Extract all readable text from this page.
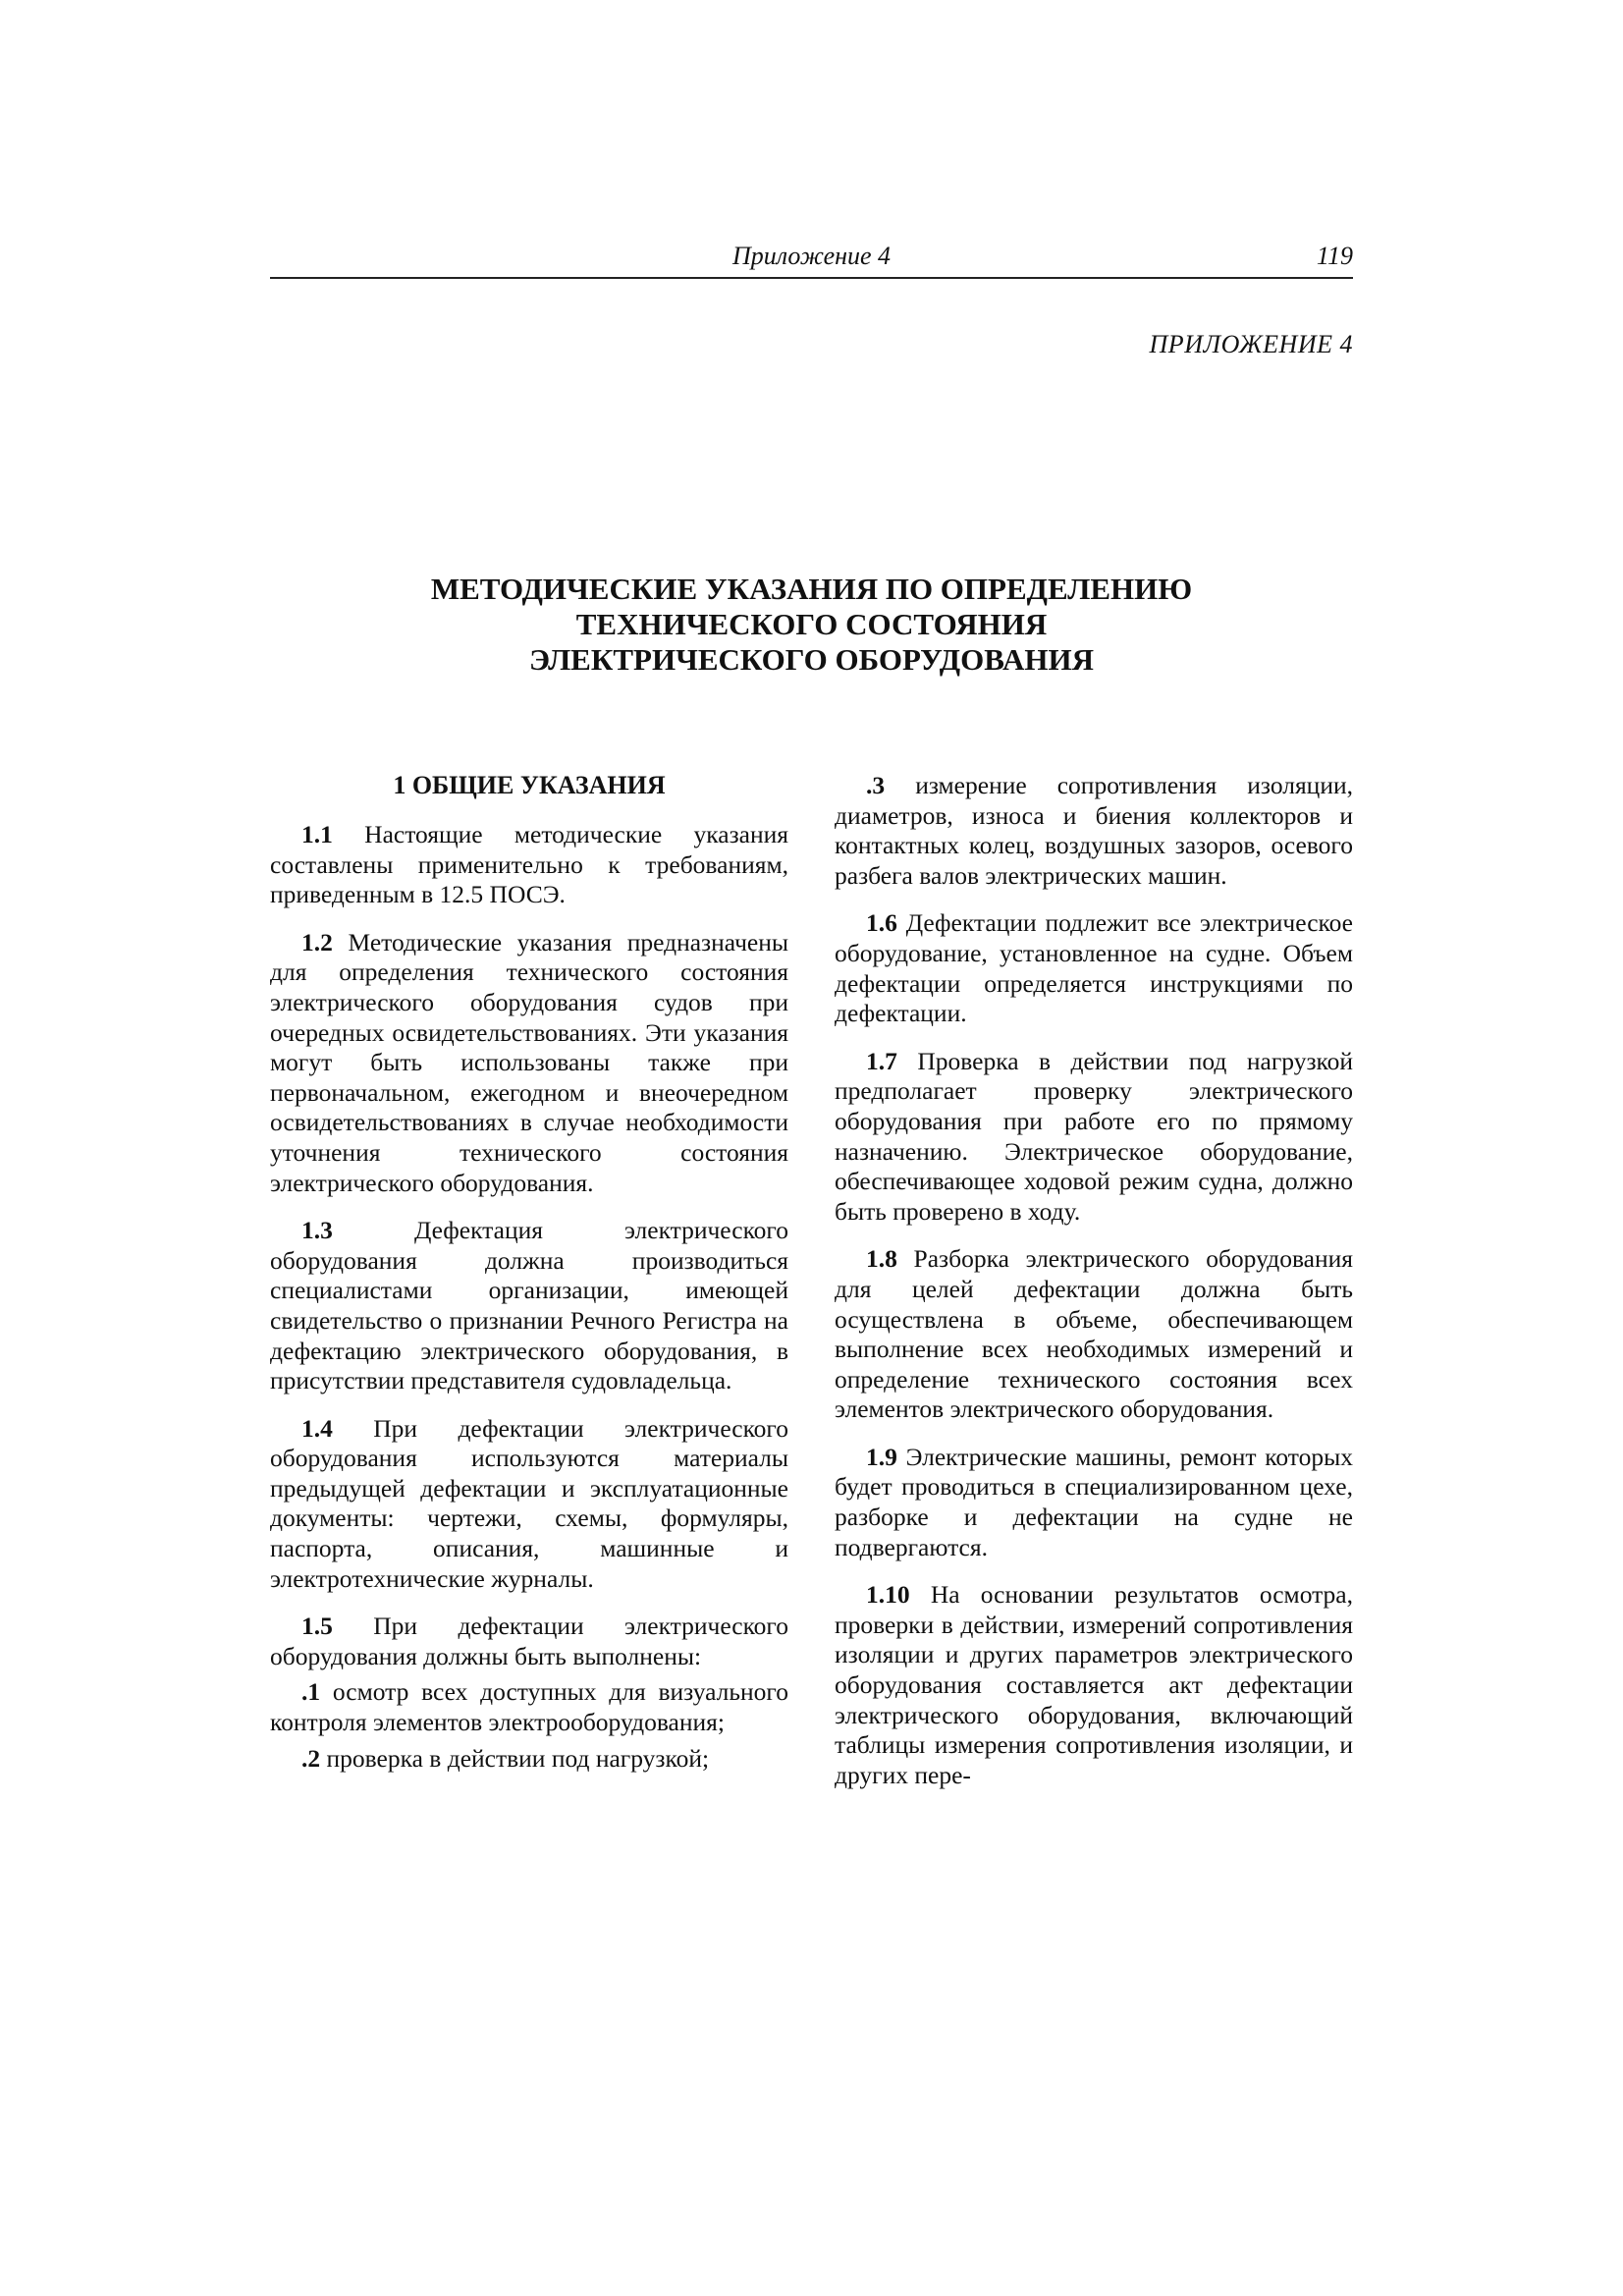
Приложение 4	119
ПРИЛОЖЕНИЕ 4
МЕТОДИЧЕСКИЕ УКАЗАНИЯ ПО ОПРЕДЕЛЕНИЮ
ТЕХНИЧЕСКОГО СОСТОЯНИЯ
ЭЛЕКТРИЧЕСКОГО ОБОРУДОВАНИЯ
1 ОБЩИЕ УКАЗАНИЯ

1.1 Настоящие методические указания составлены применительно к требованиям, приведенным в 12.5 ПОСЭ.

1.2 Методические указания предназначены для определения технического состояния электрического оборудования судов при очередных освидетельствованиях. Эти указания могут быть использованы также при первоначальном, ежегодном и внеочередном освидетельствованиях в случае необходимости уточнения технического состояния электрического оборудования.

1.3	Дефектация электрического оборудования должна производиться специалистами организации, имеющей свидетельство о признании Речного Регистра на дефектацию электрического оборудования, в присутствии представителя судовладельца.

1.4 При дефектации электрического оборудования используются материалы предыдущей дефектации и эксплуатационные документы: чертежи, схемы, формуляры, паспорта, описания, машинные и электротехнические журналы.

1.5 При дефектации электрического оборудования должны быть выполнены:

.1 осмотр всех доступных для визуального контроля элементов электрооборудования;

.2 проверка в действии под нагрузкой;

.3 измерение сопротивления изоляции, диаметров, износа и биения коллекторов и контактных колец, воздушных зазоров, осевого разбега валов электрических машин.

1.6 Дефектации подлежит все электрическое оборудование, установленное на судне. Объем дефектации определяется инструкциями по дефектации.

1.7 Проверка в действии под нагрузкой предполагает проверку электрического оборудования при работе его по прямому назначению. Электрическое оборудование, обеспечивающее ходовой режим судна, должно быть проверено в ходу.

1.8 Разборка электрического оборудования для целей дефектации должна быть осуществлена в объеме, обеспечивающем выполнение всех необходимых измерений и определение технического состояния всех элементов электрического оборудования.

1.9 Электрические машины, ремонт которых будет проводиться в специализированном цехе, разборке и дефектации на судне не подвергаются.

1.10 На основании результатов осмотра, проверки в действии, измерений сопротивления изоляции и других параметров электрического оборудования составляется акт дефектации электрического оборудования, включающий таблицы измерения сопротивления изоляции, и других пере-
